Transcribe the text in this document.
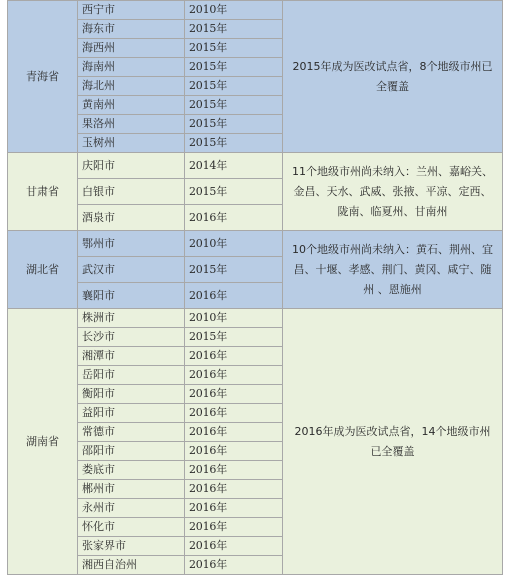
青海省	西宁市	2010年	2015年成为医改试点省，8个地级市州已全覆盖
	海东市	2015年	
	海西州	2015年	
	海南州	2015年	
	海北州	2015年	
	黄南州	2015年	
	果洛州	2015年	
	玉树州	2015年	
甘肃省	庆阳市	2014年	11个地级市州尚未纳入：兰州、嘉峪关、金昌、天水、武威、张掖、平凉、定西、陇南、临夏州、甘南州
	白银市	2015年	
	酒泉市	2016年	
湖北省	鄂州市	2010年	10个地级市州尚未纳入：黄石、荆州、宜昌、十堰、孝感、荆门、黄冈、咸宁、随州 、恩施州
	武汉市	2015年	
	襄阳市	2016年	
湖南省	株洲市	2010年	2016年成为医改试点省，14个地级市州已全覆盖
	长沙市	2015年	
	湘潭市	2016年	
	岳阳市	2016年	
	衡阳市	2016年	
	益阳市	2016年	
	常德市	2016年	
	邵阳市	2016年	
	娄底市	2016年	
	郴州市	2016年	
	永州市	2016年	
	怀化市	2016年	
	张家界市	2016年	
	湘西自治州	2016年	
